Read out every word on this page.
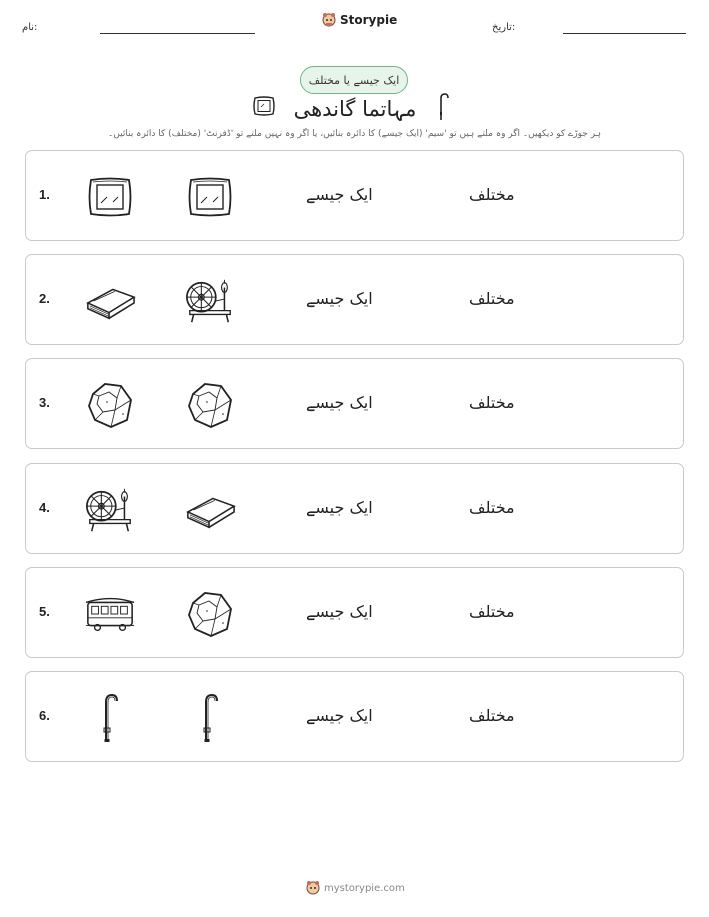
نام:
Storypie
تاریخ:
ایک جیسے یا مختلف
مہاتما گاندھی
ہر جوڑے کو دیکھیں۔ اگر وہ ملتے ہیں تو 'سیم' (ایک جیسے) کا دائرہ بنائیں، یا اگر وہ نہیں ملتے تو 'ڈفرنٹ' (مختلف) کا دائرہ بنائیں۔
1.	ایک جیسے	مختلف
2.	ایک جیسے	مختلف
3.	ایک جیسے	مختلف
4.	ایک جیسے	مختلف
5.	ایک جیسے	مختلف
6.	ایک جیسے	مختلف
mystorypie.com
